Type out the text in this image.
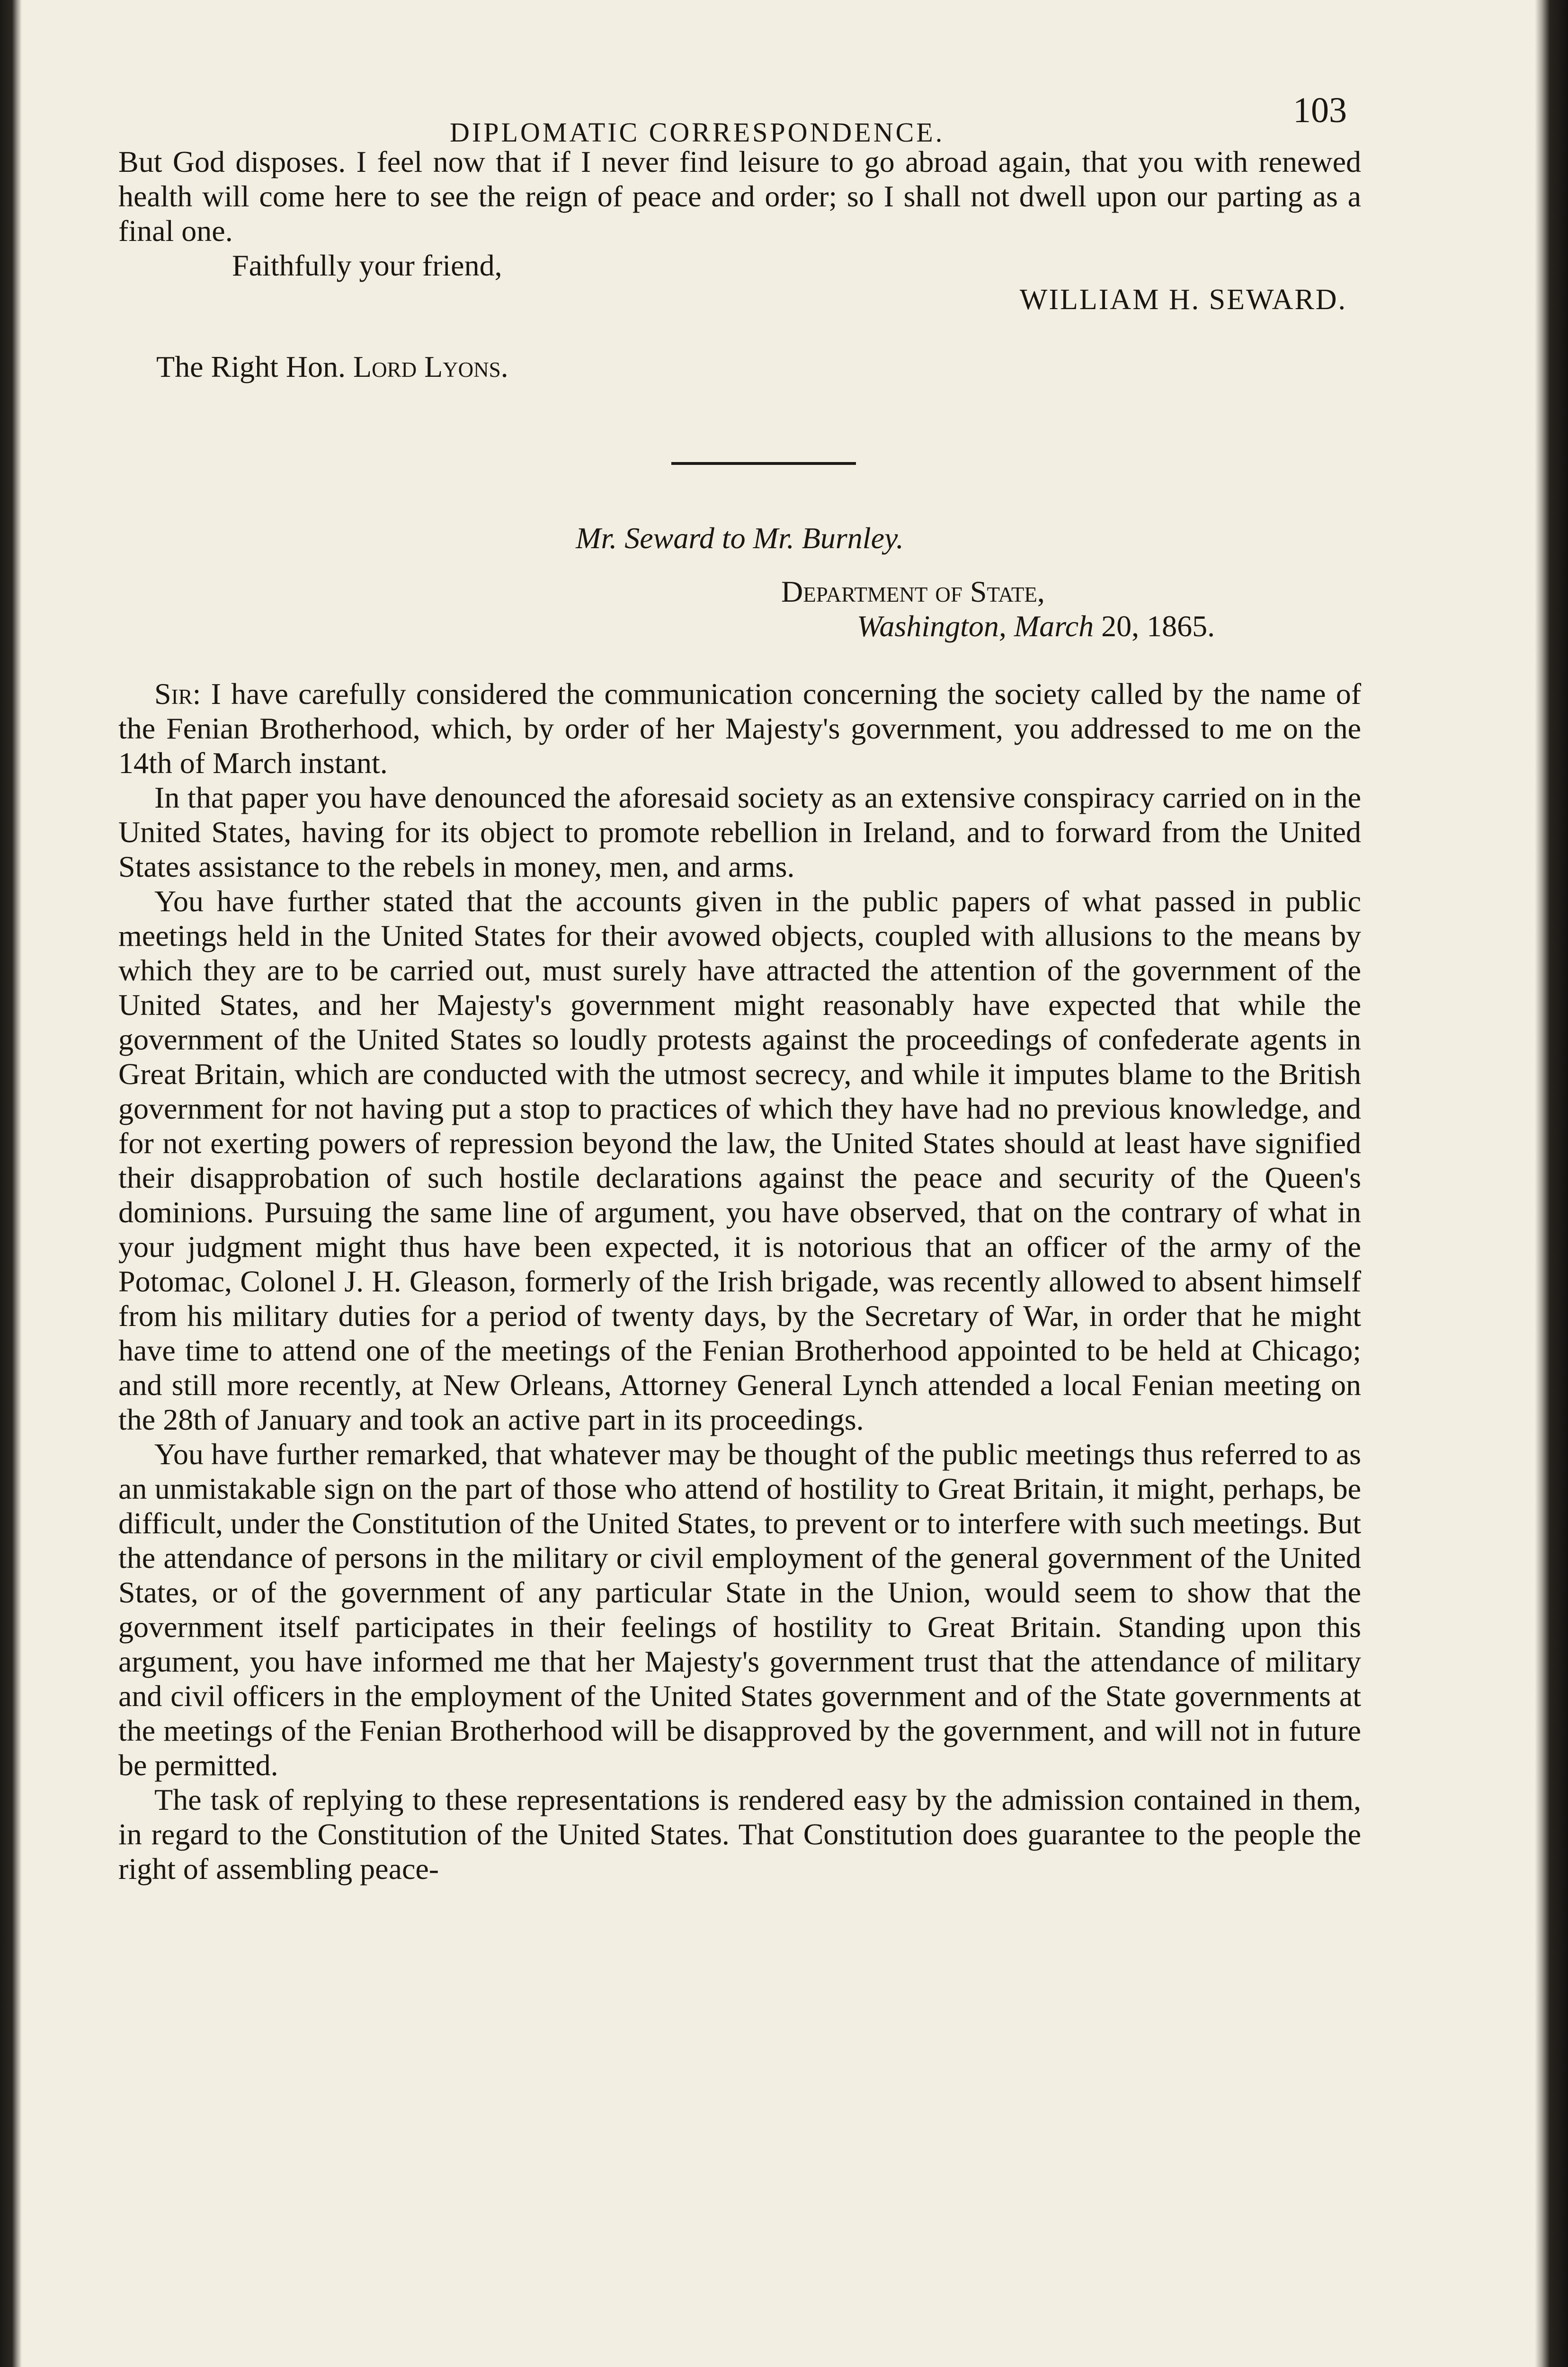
DIPLOMATIC CORRESPONDENCE.
103

But God disposes. I feel now that if I never find leisure to go abroad again, that you with renewed health will come here to see the reign of peace and order; so I shall not dwell upon our parting as a final one.

Faithfully your friend,

WILLIAM H. SEWARD.

The Right Hon. Lord Lyons.

Mr. Seward to Mr. Burnley.
Department of State,
Washington, March 20, 1865.

Sir: I have carefully considered the communication concerning the society called by the name of the Fenian Brotherhood, which, by order of her Majesty's government, you addressed to me on the 14th of March instant.

In that paper you have denounced the aforesaid society as an extensive conspiracy carried on in the United States, having for its object to promote rebellion in Ireland, and to forward from the United States assistance to the rebels in money, men, and arms.

You have further stated that the accounts given in the public papers of what passed in public meetings held in the United States for their avowed objects, coupled with allusions to the means by which they are to be carried out, must surely have attracted the attention of the government of the United States, and her Majesty's government might reasonably have expected that while the government of the United States so loudly protests against the proceedings of confederate agents in Great Britain, which are conducted with the utmost secrecy, and while it imputes blame to the British government for not having put a stop to practices of which they have had no previous knowledge, and for not exerting powers of repression beyond the law, the United States should at least have signified their disapprobation of such hostile declarations against the peace and security of the Queen's dominions. Pursuing the same line of argument, you have observed, that on the contrary of what in your judgment might thus have been expected, it is notorious that an officer of the army of the Potomac, Colonel J. H. Gleason, formerly of the Irish brigade, was recently allowed to absent himself from his military duties for a period of twenty days, by the Secretary of War, in order that he might have time to attend one of the meetings of the Fenian Brotherhood appointed to be held at Chicago; and still more recently, at New Orleans, Attorney General Lynch attended a local Fenian meeting on the 28th of January and took an active part in its proceedings.

You have further remarked, that whatever may be thought of the public meetings thus referred to as an unmistakable sign on the part of those who attend of hostility to Great Britain, it might, perhaps, be difficult, under the Constitution of the United States, to prevent or to interfere with such meetings. But the attendance of persons in the military or civil employment of the general government of the United States, or of the government of any particular State in the Union, would seem to show that the government itself participates in their feelings of hostility to Great Britain. Standing upon this argument, you have informed me that her Majesty's government trust that the attendance of military and civil officers in the employment of the United States government and of the State governments at the meetings of the Fenian Brotherhood will be disapproved by the government, and will not in future be permitted.

The task of replying to these representations is rendered easy by the admission contained in them, in regard to the Constitution of the United States. That Constitution does guarantee to the people the right of assembling peace-
